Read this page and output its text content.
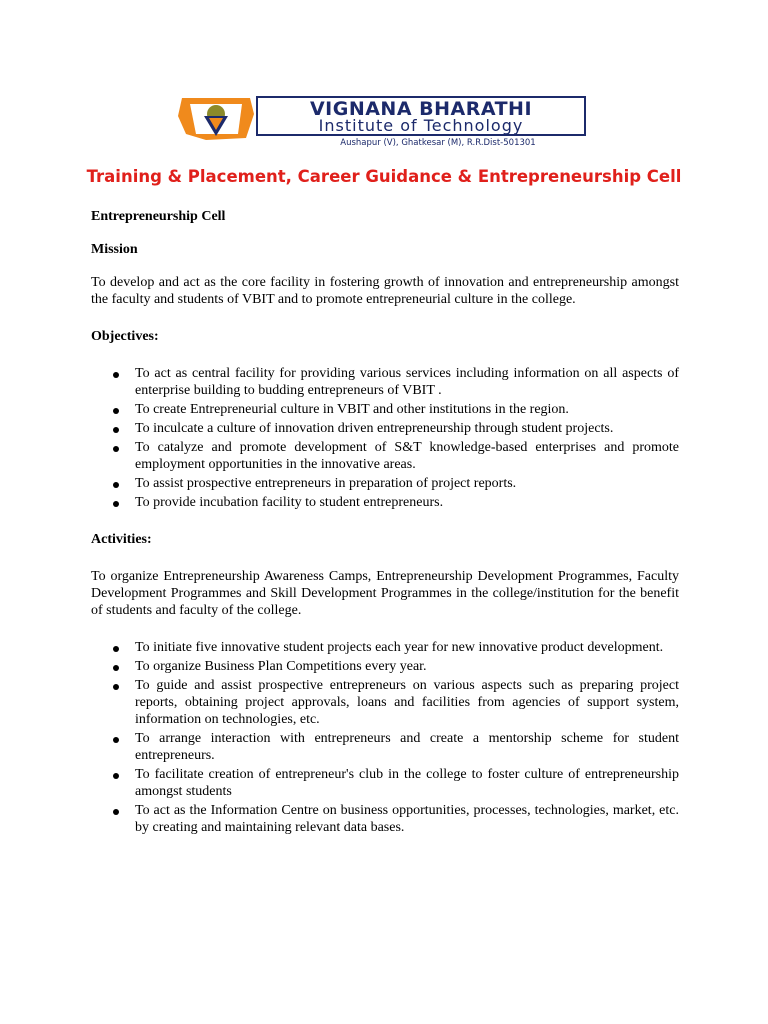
VIGNANA BHARATHI
Institute of Technology
Aushapur (V), Ghatkesar (M), R.R.Dist-501301
Training & Placement, Career Guidance & Entrepreneurship Cell

Entrepreneurship Cell

Mission

To develop and act as the core facility in fostering growth of innovation and entrepreneurship amongst the faculty and students of VBIT and to promote entrepreneurial culture in the college.

Objectives:

To act as central facility for providing various services including information on all aspects of enterprise building to budding entrepreneurs of VBIT .
To create Entrepreneurial culture in VBIT and other institutions in the region.
To inculcate a culture of innovation driven entrepreneurship through student projects.
To catalyze and promote development of S&T knowledge-based enterprises and promote employment opportunities in the innovative areas.
To assist prospective entrepreneurs in preparation of project reports.
To provide incubation facility to student entrepreneurs.

Activities:

To organize Entrepreneurship Awareness Camps, Entrepreneurship Development Programmes, Faculty Development Programmes and Skill Development Programmes in the college/institution for the benefit of students and faculty of the college.

To initiate five innovative student projects each year for new innovative product development.
To organize Business Plan Competitions every year.
To guide and assist prospective entrepreneurs on various aspects such as preparing project reports, obtaining project approvals, loans and facilities from agencies of support system, information on technologies, etc.
To arrange interaction with entrepreneurs and create a mentorship scheme for student entrepreneurs.
To facilitate creation of entrepreneur's club in the college to foster culture of entrepreneurship amongst students
To act as the Information Centre on business opportunities, processes, technologies, market, etc. by creating and maintaining relevant data bases.
